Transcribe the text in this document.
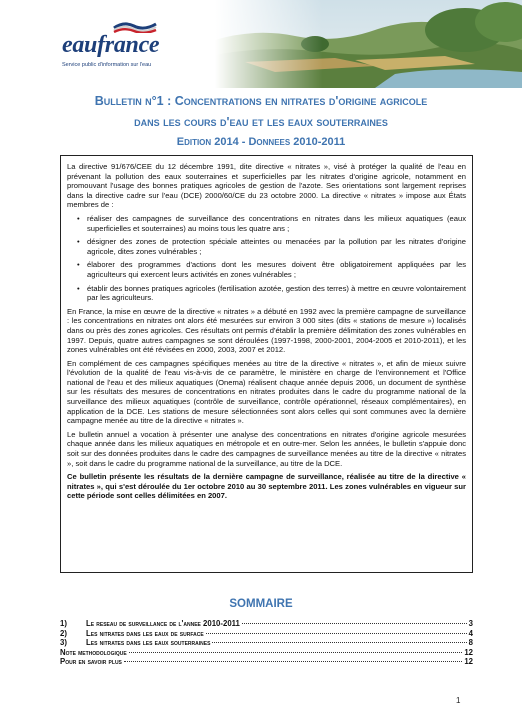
eaufrance
Service public d'information sur l'eau
Bulletin n°1 : Concentrations en nitrates d'origine agricole
dans les cours d'eau et les eaux souterraines
Edition 2014 - Donnees 2010-2011

La directive 91/676/CEE du 12 décembre 1991, dite directive « nitrates », visé à protéger la qualité de l'eau en prévenant la pollution des eaux souterraines et superficielles par les nitrates d'origine agricole, notamment en promouvant l'usage des bonnes pratiques agricoles de gestion de l'azote. Ses orientations sont largement reprises dans la directive cadre sur l'eau (DCE) 2000/60/CE du 23 octobre 2000. La directive « nitrates » impose aux États membres de :

• réaliser des campagnes de surveillance des concentrations en nitrates dans les milieux aquatiques (eaux superficielles et souterraines) au moins tous les quatre ans ;
• désigner des zones de protection spéciale atteintes ou menacées par la pollution par les nitrates d'origine agricole, dites zones vulnérables ;
• élaborer des programmes d'actions dont les mesures doivent être obligatoirement appliquées par les agriculteurs qui exercent leurs activités en zones vulnérables ;
• établir des bonnes pratiques agricoles (fertilisation azotée, gestion des terres) à mettre en œuvre volontairement par les agriculteurs.

En France, la mise en œuvre de la directive « nitrates » a débuté en 1992 avec la première campagne de surveillance : les concentrations en nitrates ont alors été mesurées sur environ 3 000 sites (dits « stations de mesure ») localisés dans ou près des zones agricoles. Ces résultats ont permis d'établir la première délimitation des zones vulnérables en 1997. Depuis, quatre autres campagnes se sont déroulées (1997-1998, 2000-2001, 2004-2005 et 2010-2011), et les zones vulnérables ont été révisées en 2000, 2003, 2007 et 2012.

En complément de ces campagnes spécifiques menées au titre de la directive « nitrates », et afin de mieux suivre l'évolution de la qualité de l'eau vis-à-vis de ce paramètre, le ministère en charge de l'environnement et l'Office national de l'eau et des milieux aquatiques (Onema) réalisent chaque année depuis 2006, un document de synthèse sur les résultats des mesures de concentrations en nitrates produites dans le cadre du programme national de la surveillance des milieux aquatiques (contrôle de surveillance, contrôle opérationnel, réseaux complémentaires), en application de la DCE. Les stations de mesure sélectionnées sont alors celles qui sont communes avec la dernière campagne menée au titre de la directive « nitrates ».

Le bulletin annuel a vocation à présenter une analyse des concentrations en nitrates d'origine agricole mesurées chaque année dans les milieux aquatiques en métropole et en outre-mer. Selon les années, le bulletin s'appuie donc soit sur des données produites dans le cadre des campagnes de surveillance menées au titre de la directive « nitrates », soit dans le cadre du programme national de la surveillance, au titre de la DCE.

Ce bulletin présente les résultats de la dernière campagne de surveillance, réalisée au titre de la directive « nitrates », qui s'est déroulée du 1er octobre 2010 au 30 septembre 2011. Les zones vulnérables en vigueur sur cette période sont celles délimitées en 2007.

SOMMAIRE
1)	Le reseau de surveillance de l'annee 2010-2011	3
2)	Les nitrates dans les eaux de surface	4
3)	Les nitrates dans les eaux souterraines	8
Note methodologique	12
Pour en savoir plus	12
1
